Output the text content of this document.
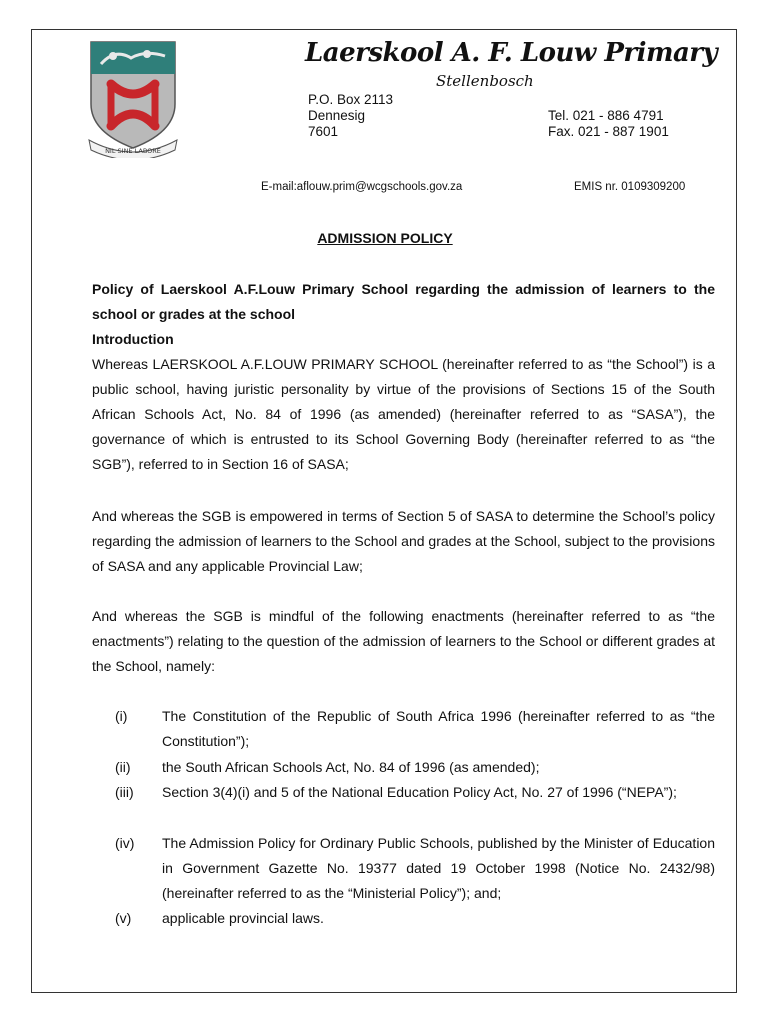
NIL SINE LABORE
Laerskool A. F. Louw Primary
Stellenbosch
P.O. Box 2113
Dennesig
7601
Tel. 021 - 886 4791
Fax. 021 - 887 1901
E-mail:aflouw.prim@wcgschools.gov.za	EMIS nr. 0109309200
ADMISSION POLICY

Policy of Laerskool A.F.Louw Primary School regarding the admission of learners to the school or grades at the school

Introduction

Whereas LAERSKOOL A.F.LOUW PRIMARY SCHOOL (hereinafter referred to as “the School”) is a public school, having juristic personality by virtue of the provisions of Sections 15 of the South African Schools Act, No. 84 of 1996 (as amended) (hereinafter referred to as “SASA”), the governance of which is entrusted to its School Governing Body (hereinafter referred to as “the SGB”), referred to in Section 16 of SASA;

And whereas the SGB is empowered in terms of Section 5 of SASA to determine the School’s policy regarding the admission of learners to the School and grades at the School, subject to the provisions of SASA and any applicable Provincial Law;

And whereas the SGB is mindful of the following enactments (hereinafter referred to as “the enactments”) relating to the question of the admission of learners to the School or different grades at the School, namely:

(i) The Constitution of the Republic of South Africa 1996 (hereinafter referred to as “the Constitution”);
(ii) the South African Schools Act, No. 84 of 1996 (as amended);
(iii) Section 3(4)(i) and 5 of the National Education Policy Act, No. 27 of 1996 (“NEPA”);
(iv) The Admission Policy for Ordinary Public Schools, published by the Minister of Education in Government Gazette No. 19377 dated 19 October 1998 (Notice No. 2432/98) (hereinafter referred to as the “Ministerial Policy”); and;
(v) applicable provincial laws.
